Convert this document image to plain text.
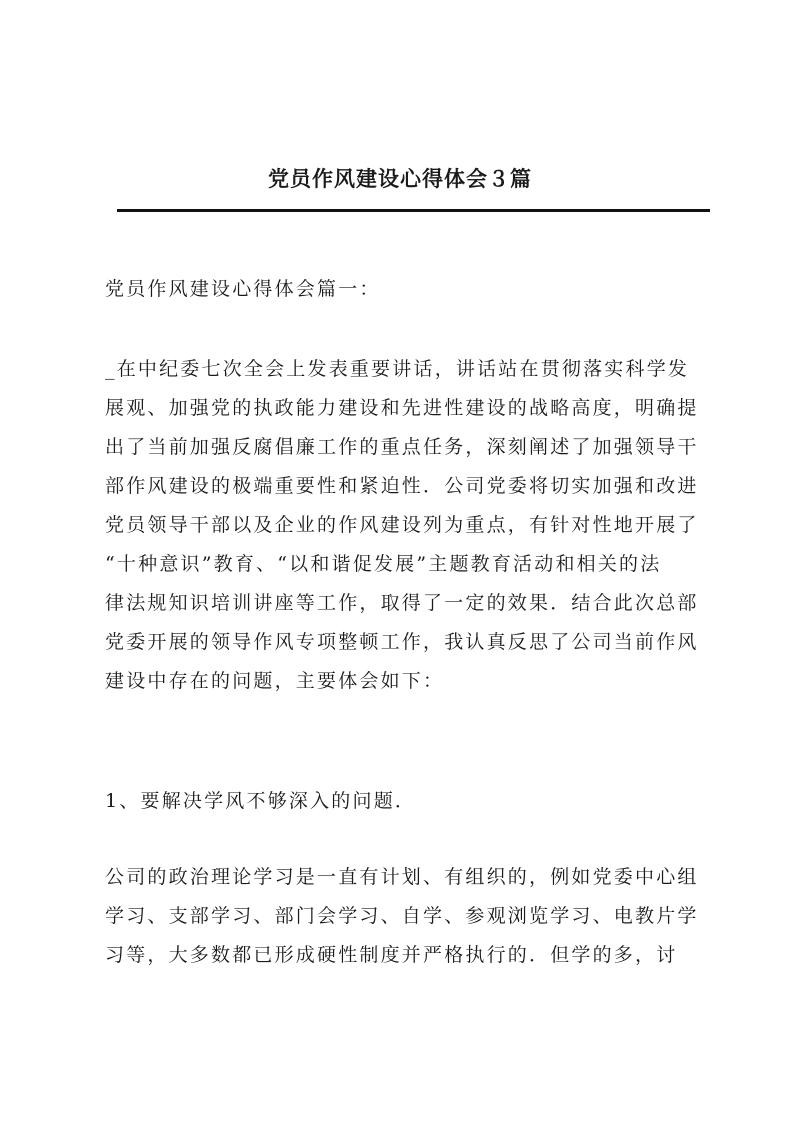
党员作风建设心得体会３篇
党员作风建设心得体会篇一：
_在中纪委七次全会上发表重要讲话，讲话站在贯彻落实科学发
展观、加强党的执政能力建设和先进性建设的战略高度，明确提
出了当前加强反腐倡廉工作的重点任务，深刻阐述了加强领导干
部作风建设的极端重要性和紧迫性．公司党委将切实加强和改进
党员领导干部以及企业的作风建设列为重点，有针对性地开展了
“十种意识”教育、“以和谐促发展”主题教育活动和相关的法
律法规知识培训讲座等工作，取得了一定的效果．结合此次总部
党委开展的领导作风专项整顿工作，我认真反思了公司当前作风
建设中存在的问题，主要体会如下：
1、要解决学风不够深入的问题．
公司的政治理论学习是一直有计划、有组织的，例如党委中心组
学习、支部学习、部门会学习、自学、参观浏览学习、电教片学
习等，大多数都已形成硬性制度并严格执行的．但学的多，讨
